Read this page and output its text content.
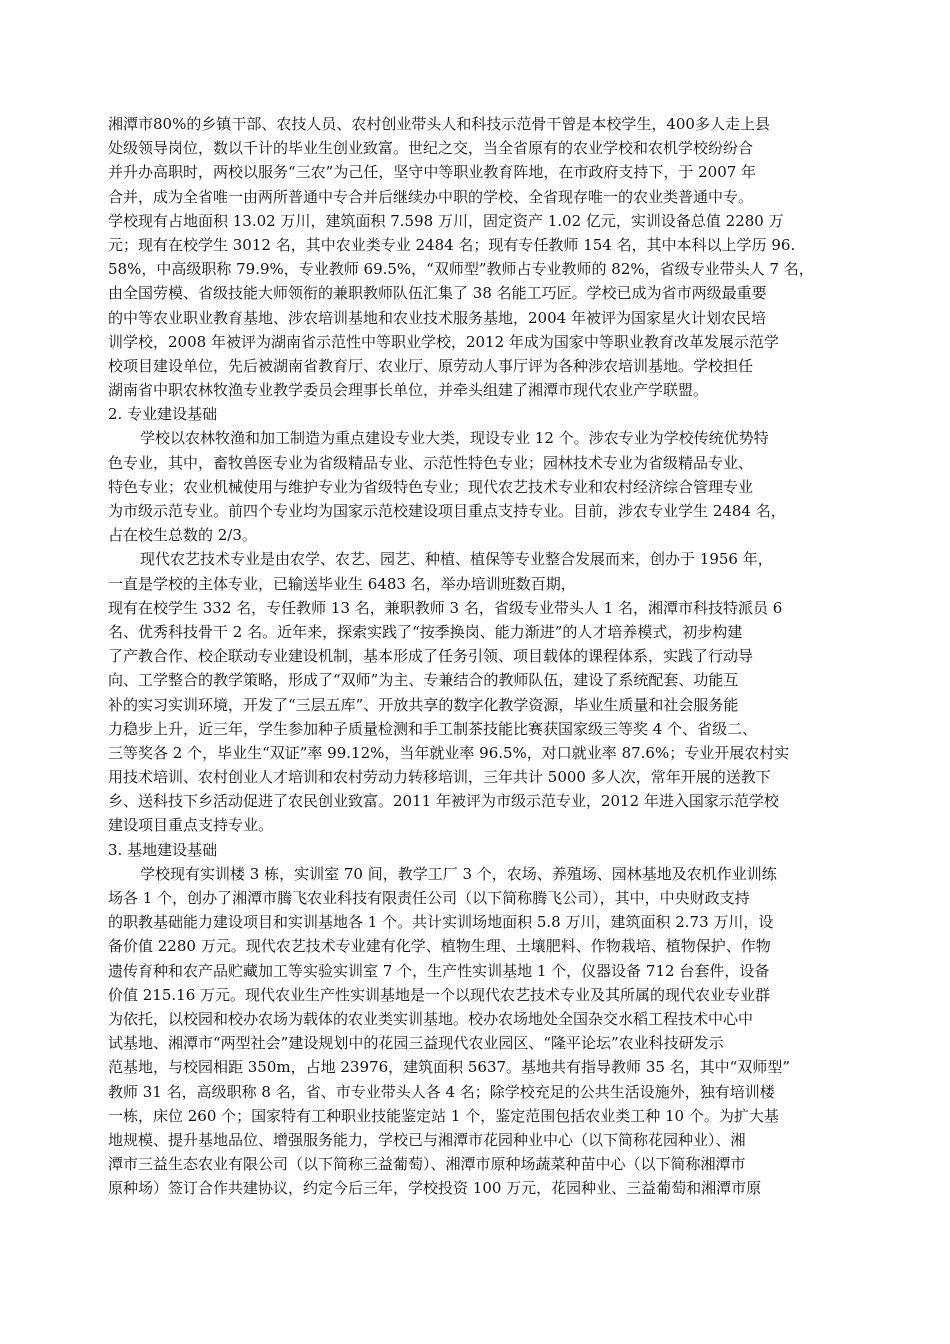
湘潭市80%的乡镇干部、农技人员、农村创业带头人和科技示范骨干曾是本校学生，400多人走上县
处级领导岗位，数以千计的毕业生创业致富。世纪之交，当全省原有的农业学校和农机学校纷纷合
并升办高职时，两校以服务“三农”为己任，坚守中等职业教育阵地，在市政府支持下，于 2007 年
合并，成为全省唯一由两所普通中专合并后继续办中职的学校、全省现存唯一的农业类普通中专。
学校现有占地面积 13.02 万川，建筑面积 7.598 万川，固定资产 1.02 亿元，实训设备总值 2280 万
元；现有在校学生 3012 名，其中农业类专业 2484 名；现有专任教师 154 名，其中本科以上学历 96.
58%，中高级职称 79.9%，专业教师 69.5%，“双师型”教师占专业教师的 82%，省级专业带头人 7 名，
由全国劳模、省级技能大师领衔的兼职教师队伍汇集了 38 名能工巧匠。学校已成为省市两级最重要
的中等农业职业教育基地、涉农培训基地和农业技术服务基地，2004 年被评为国家星火计划农民培
训学校，2008 年被评为湖南省示范性中等职业学校，2012 年成为国家中等职业教育改革发展示范学
校项目建设单位，先后被湖南省教育厅、农业厅、原劳动人事厅评为各种涉农培训基地。学校担任
湖南省中职农林牧渔专业教学委员会理事长单位，并牵头组建了湘潭市现代农业产学联盟。
2. 专业建设基础
学校以农林牧渔和加工制造为重点建设专业大类，现设专业 12 个。涉农专业为学校传统优势特
色专业，其中，畜牧兽医专业为省级精品专业、示范性特色专业；园林技术专业为省级精品专业、
特色专业；农业机械使用与维护专业为省级特色专业；现代农艺技术专业和农村经济综合管理专业
为市级示范专业。前四个专业均为国家示范校建设项目重点支持专业。目前，涉农专业学生 2484 名，
占在校生总数的 2/3。
现代农艺技术专业是由农学、农艺、园艺、种植、植保等专业整合发展而来，创办于 1956 年，
一直是学校的主体专业，已输送毕业生 6483 名，举办培训班数百期，
现有在校学生 332 名，专任教师 13 名，兼职教师 3 名，省级专业带头人 1 名，湘潭市科技特派员 6
名、优秀科技骨干 2 名。近年来，探索实践了“按季换岗、能力渐进”的人才培养模式，初步构建
了产教合作、校企联动专业建设机制，基本形成了任务引领、项目载体的课程体系，实践了行动导
向、工学整合的教学策略，形成了“双师”为主、专兼结合的教师队伍，建设了系统配套、功能互
补的实习实训环境，开发了“三层五库”、开放共享的数字化教学资源，毕业生质量和社会服务能
力稳步上升，近三年，学生参加种子质量检测和手工制茶技能比赛获国家级三等奖 4 个、省级二、
三等奖各 2 个，毕业生“双证”率 99.12%，当年就业率 96.5%，对口就业率 87.6%；专业开展农村实
用技术培训、农村创业人才培训和农村劳动力转移培训，三年共计 5000 多人次，常年开展的送教下
乡、送科技下乡活动促进了农民创业致富。2011 年被评为市级示范专业，2012 年进入国家示范学校
建设项目重点支持专业。
3. 基地建设基础
学校现有实训楼 3 栋，实训室 70 间，教学工厂 3 个，农场、养殖场、园林基地及农机作业训练
场各 1 个，创办了湘潭市腾飞农业科技有限责任公司（以下简称腾飞公司），其中，中央财政支持
的职教基础能力建设项目和实训基地各 1 个。共计实训场地面积 5.8 万川，建筑面积 2.73 万川，设
备价值 2280 万元。现代农艺技术专业建有化学、植物生理、土壤肥料、作物栽培、植物保护、作物
遗传育种和农产品贮藏加工等实验实训室 7 个，生产性实训基地 1 个，仪器设备 712 台套件，设备
价值 215.16 万元。现代农业生产性实训基地是一个以现代农艺技术专业及其所属的现代农业专业群
为依托，以校园和校办农场为载体的农业类实训基地。校办农场地处全国杂交水稻工程技术中心中
试基地、湘潭市“两型社会”建设规划中的花园三益现代农业园区、“隆平论坛”农业科技研发示
范基地，与校园相距 350m，占地 23976，建筑面积 5637。基地共有指导教师 35 名，其中“双师型”
教师 31 名，高级职称 8 名，省、市专业带头人各 4 名；除学校充足的公共生活设施外，独有培训楼
一栋，床位 260 个；国家特有工种职业技能鉴定站 1 个，鉴定范围包括农业类工种 10 个。为扩大基
地规模、提升基地品位、增强服务能力，学校已与湘潭市花园种业中心（以下简称花园种业）、湘
潭市三益生态农业有限公司（以下简称三益葡萄）、湘潭市原种场蔬菜种苗中心（以下简称湘潭市
原种场）签订合作共建协议，约定今后三年，学校投资 100 万元，花园种业、三益葡萄和湘潭市原
